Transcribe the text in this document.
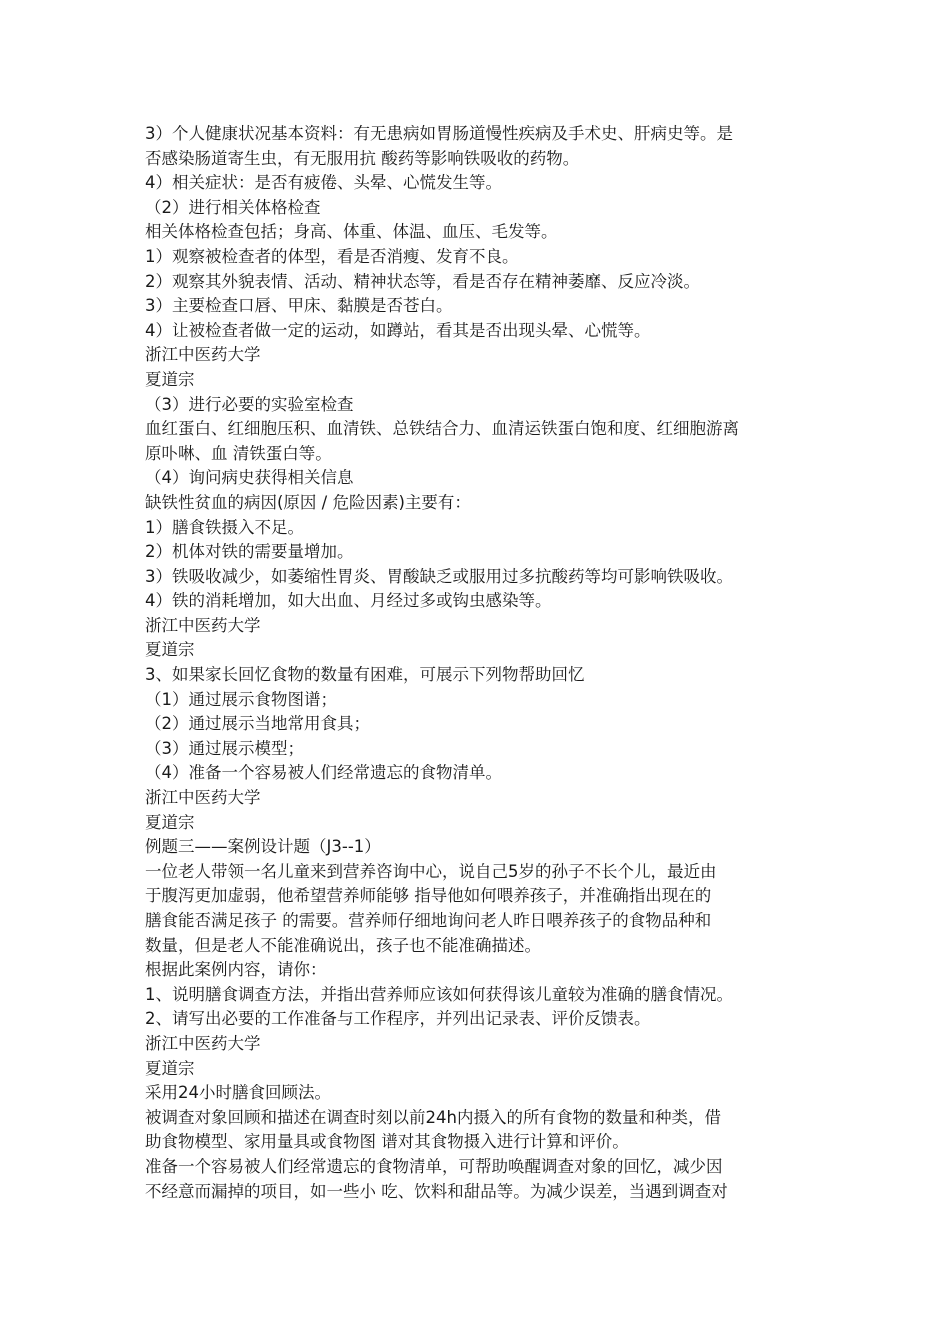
3）个人健康状况基本资料：有无患病如胃肠道慢性疾病及手术史、肝病史等。是
否感染肠道寄生虫，有无服用抗 酸药等影响铁吸收的药物。
4）相关症状：是否有疲倦、头晕、心慌发生等。
（2）进行相关体格检查
相关体格检查包括；身高、体重、体温、血压、毛发等。
1）观察被检查者的体型，看是否消瘦、发育不良。
2）观察其外貌表情、活动、精神状态等，看是否存在精神萎靡、反应冷淡。
3）主要检查口唇、甲床、黏膜是否苍白。
4）让被检查者做一定的运动，如蹲站，看其是否出现头晕、心慌等。
浙江中医药大学
夏道宗
（3）进行必要的实验室检查
血红蛋白、红细胞压积、血清铁、总铁结合力、血清运铁蛋白饱和度、红细胞游离
原卟啉、血 清铁蛋白等。
（4）询问病史获得相关信息
缺铁性贫血的病因(原因 / 危险因素)主要有：
1）膳食铁摄入不足。
2）机体对铁的需要量增加。
3）铁吸收减少，如萎缩性胃炎、胃酸缺乏或服用过多抗酸药等均可影响铁吸收。
4）铁的消耗增加，如大出血、月经过多或钩虫感染等。
浙江中医药大学
夏道宗
3、如果家长回忆食物的数量有困难，可展示下列物帮助回忆
（1）通过展示食物图谱；
（2）通过展示当地常用食具；
（3）通过展示模型；
（4）准备一个容易被人们经常遗忘的食物清单。
浙江中医药大学
夏道宗
例题三——案例设计题（J3--1）
一位老人带领一名儿童来到营养咨询中心，说自己5岁的孙子不长个儿，最近由
于腹泻更加虚弱，他希望营养师能够 指导他如何喂养孩子，并准确指出现在的
膳食能否满足孩子 的需要。营养师仔细地询问老人昨日喂养孩子的食物品种和
数量，但是老人不能准确说出，孩子也不能准确描述。
根据此案例内容，请你：
1、说明膳食调查方法，并指出营养师应该如何获得该儿童较为准确的膳食情况。
2、请写出必要的工作准备与工作程序，并列出记录表、评价反馈表。
浙江中医药大学
夏道宗
采用24小时膳食回顾法。
被调查对象回顾和描述在调查时刻以前24h内摄入的所有食物的数量和种类，借
助食物模型、家用量具或食物图 谱对其食物摄入进行计算和评价。
准备一个容易被人们经常遗忘的食物清单，可帮助唤醒调查对象的回忆，减少因
不经意而漏掉的项目，如一些小 吃、饮料和甜品等。为减少误差，当遇到调查对
